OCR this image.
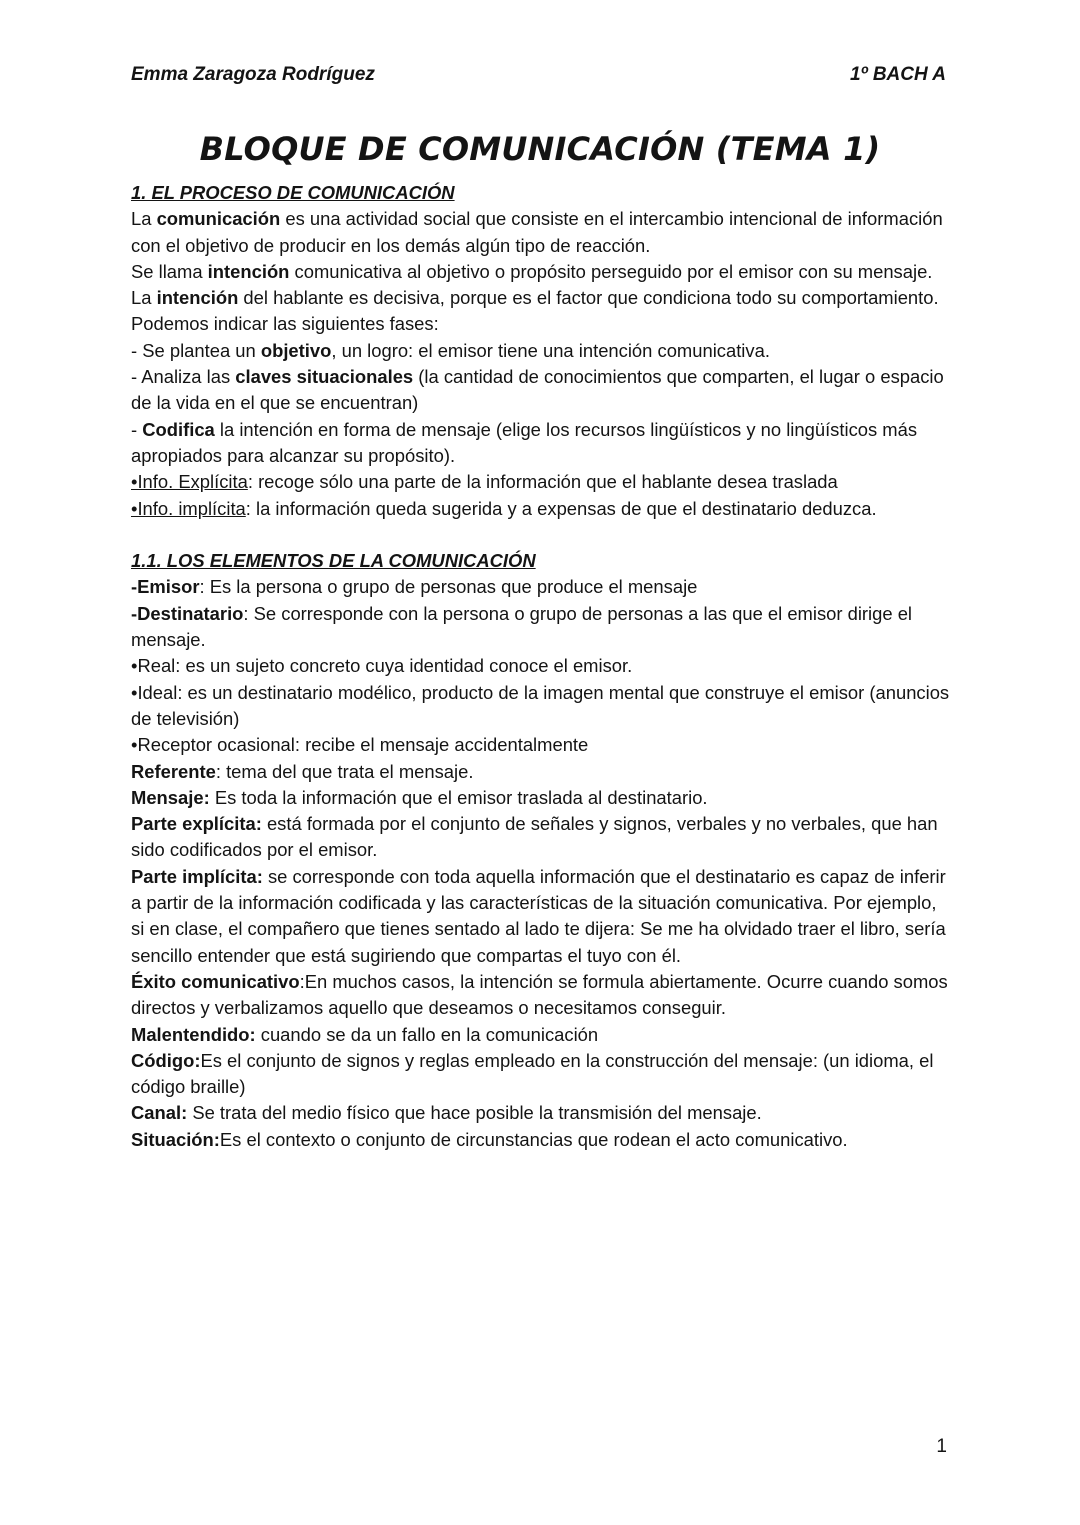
Emma Zaragoza Rodríguez	1º BACH A
BLOQUE DE COMUNICACIÓN (TEMA 1)

1. EL PROCESO DE COMUNICACIÓN

La comunicación es una actividad social que consiste en el intercambio intencional de información con el objetivo de producir en los demás algún tipo de reacción.

Se llama intención comunicativa al objetivo o propósito perseguido por el emisor con su mensaje.

La intención del hablante es decisiva, porque es el factor que condiciona todo su comportamiento.

Podemos indicar las siguientes fases:

- Se plantea un objetivo, un logro: el emisor tiene una intención comunicativa.

- Analiza las claves situacionales (la cantidad de conocimientos que comparten, el lugar o espacio de la vida en el que se encuentran)

- Codifica la intención en forma de mensaje (elige los recursos lingüísticos y no lingüísticos más apropiados para alcanzar su propósito).

•Info. Explícita: recoge sólo una parte de la información que el hablante desea traslada

•Info. implícita: la información queda sugerida y a expensas de que el destinatario deduzca.

1.1. LOS ELEMENTOS DE LA COMUNICACIÓN

-Emisor: Es la persona o grupo de personas que produce el mensaje

-Destinatario: Se corresponde con la persona o grupo de personas a las que el emisor dirige el mensaje.

•Real: es un sujeto concreto cuya identidad conoce el emisor.

•Ideal: es un destinatario modélico, producto de la imagen mental que construye el emisor (anuncios de televisión)

•Receptor ocasional: recibe el mensaje accidentalmente

Referente: tema del que trata el mensaje.

Mensaje: Es toda la información que el emisor traslada al destinatario.

Parte explícita: está formada por el conjunto de señales y signos, verbales y no verbales, que han sido codificados por el emisor.

Parte implícita: se corresponde con toda aquella información que el destinatario es capaz de inferir a partir de la información codificada y las características de la situación comunicativa. Por ejemplo, si en clase, el compañero que tienes sentado al lado te dijera: Se me ha olvidado traer el libro, sería sencillo entender que está sugiriendo que compartas el tuyo con él.

Éxito comunicativo:En muchos casos, la intención se formula abiertamente. Ocurre cuando somos directos y verbalizamos aquello que deseamos o necesitamos conseguir.

Malentendido: cuando se da un fallo en la comunicación

Código:Es el conjunto de signos y reglas empleado en la construcción del mensaje: (un idioma, el código braille)

Canal: Se trata del medio físico que hace posible la transmisión del mensaje.

Situación:Es el contexto o conjunto de circunstancias que rodean el acto comunicativo.

1
